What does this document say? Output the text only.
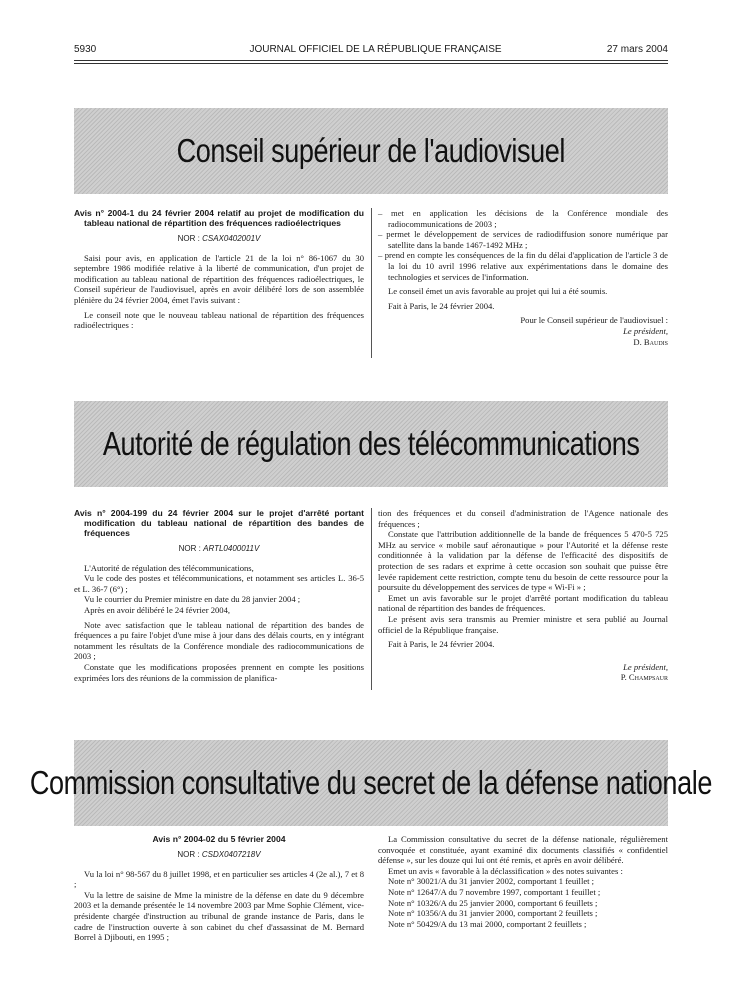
5930	JOURNAL OFFICIEL DE LA RÉPUBLIQUE FRANÇAISE	27 mars 2004
Conseil supérieur de l'audiovisuel
Avis n° 2004-1 du 24 février 2004 relatif au projet de modification du tableau national de répartition des fréquences radioélectriques
NOR : CSAX0402001V

Saisi pour avis, en application de l'article 21 de la loi n° 86-1067 du 30 septembre 1986 modifiée relative à la liberté de communication, d'un projet de modification au tableau national de répartition des fréquences radioélectriques, le Conseil supérieur de l'audiovisuel, après en avoir délibéré lors de son assemblée plénière du 24 février 2004, émet l'avis suivant :

Le conseil note que le nouveau tableau national de répartition des fréquences radioélectriques :

– met en application les décisions de la Conférence mondiale des radiocommunications de 2003 ;

– permet le développement de services de radiodiffusion sonore numérique par satellite dans la bande 1467-1492 MHz ;

– prend en compte les conséquences de la fin du délai d'application de l'article 3 de la loi du 10 avril 1996 relative aux expérimentations dans le domaine des technologies et services de l'information.

Le conseil émet un avis favorable au projet qui lui a été soumis.

Fait à Paris, le 24 février 2004.

Pour le Conseil supérieur de l'audiovisuel :

Le président,

D. Baudis

Autorité de régulation des télécommunications
Avis n° 2004-199 du 24 février 2004 sur le projet d'arrêté portant modification du tableau national de répartition des bandes de fréquences
NOR : ARTL0400011V

L'Autorité de régulation des télécommunications,

Vu le code des postes et télécommunications, et notamment ses articles L. 36-5 et L. 36-7 (6°) ;

Vu le courrier du Premier ministre en date du 28 janvier 2004 ;

Après en avoir délibéré le 24 février 2004,

Note avec satisfaction que le tableau national de répartition des bandes de fréquences a pu faire l'objet d'une mise à jour dans des délais courts, en y intégrant notamment les résultats de la Conférence mondiale des radiocommunications de 2003 ;

Constate que les modifications proposées prennent en compte les positions exprimées lors des réunions de la commission de planifica-

tion des fréquences et du conseil d'administration de l'Agence nationale des fréquences ;

Constate que l'attribution additionnelle de la bande de fréquences 5 470-5 725 MHz au service « mobile sauf aéronautique » pour l'Autorité et la défense reste conditionnée à la validation par la défense de l'efficacité des dispositifs de protection de ses radars et exprime à cette occasion son souhait que puisse être levée rapidement cette restriction, compte tenu du besoin de cette ressource pour la poursuite du développement des services de type « Wi-Fi » ;

Emet un avis favorable sur le projet d'arrêté portant modification du tableau national de répartition des bandes de fréquences.

Le présent avis sera transmis au Premier ministre et sera publié au Journal officiel de la République française.

Fait à Paris, le 24 février 2004.

Le président,

P. Champsaur

Commission consultative du secret de la défense nationale
Avis n° 2004-02 du 5 février 2004
NOR : CSDX0407218V

Vu la loi n° 98-567 du 8 juillet 1998, et en particulier ses articles 4 (2e al.), 7 et 8 ;

Vu la lettre de saisine de Mme la ministre de la défense en date du 9 décembre 2003 et la demande présentée le 14 novembre 2003 par Mme Sophie Clément, vice-présidente chargée d'instruction au tribunal de grande instance de Paris, dans le cadre de l'instruction ouverte à son cabinet du chef d'assassinat de M. Bernard Borrel à Djibouti, en 1995 ;

La Commission consultative du secret de la défense nationale, régulièrement convoquée et constituée, ayant examiné dix documents classifiés « confidentiel défense », sur les douze qui lui ont été remis, et après en avoir délibéré.

Emet un avis « favorable à la déclassification » des notes suivantes :

Note n° 30021/A du 31 janvier 2002, comportant 1 feuillet ;

Note n° 12647/A du 7 novembre 1997, comportant 1 feuillet ;

Note n° 10326/A du 25 janvier 2000, comportant 6 feuillets ;

Note n° 10356/A du 31 janvier 2000, comportant 2 feuillets ;

Note n° 50429/A du 13 mai 2000, comportant 2 feuillets ;
